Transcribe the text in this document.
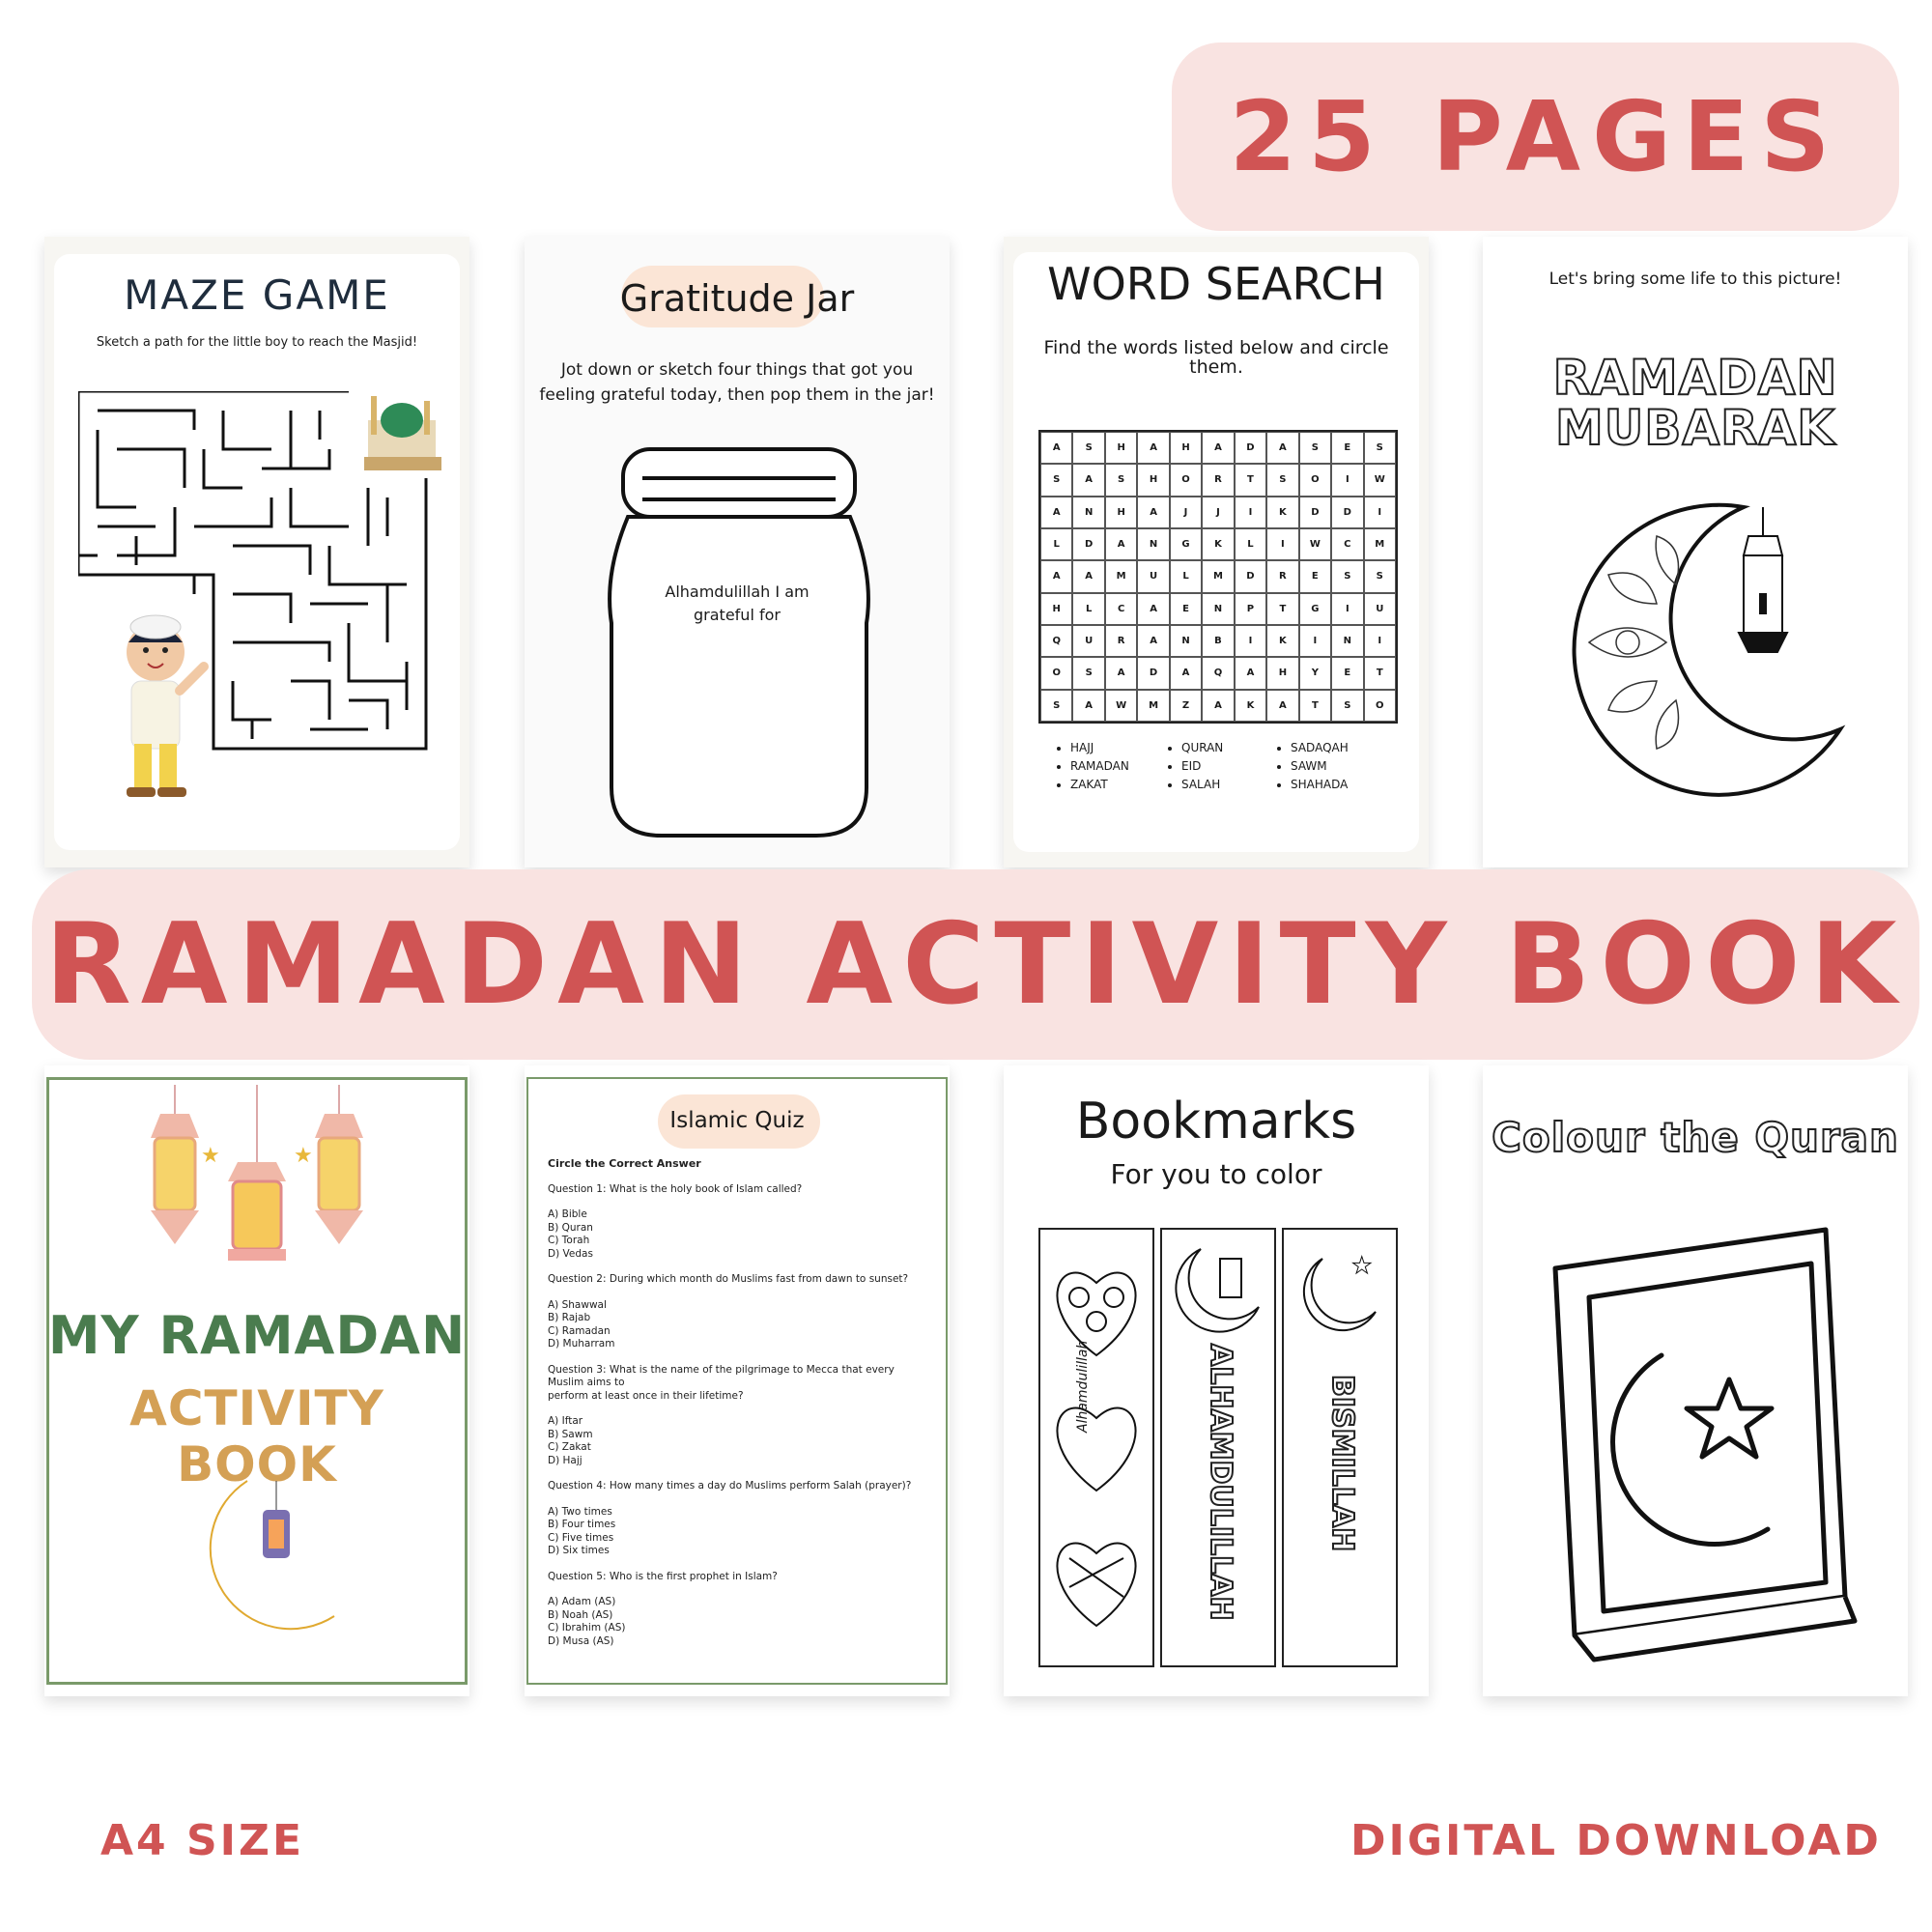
25 PAGES
MAZE GAME
Sketch a path for the little boy to reach the Masjid!
Gratitude Jar
Jot down or sketch four things that got you
feeling grateful today, then pop them in the jar!
Alhamdulillah I am
grateful for
WORD SEARCH
Find the words listed below and circle
them.
A	S	H	A	H	A	D	A	S	E	S
S	A	S	H	O	R	T	S	O	I	W
A	N	H	A	J	J	I	K	D	D	I
L	D	A	N	G	K	L	I	W	C	M
A	A	M	U	L	M	D	R	E	S	S
H	L	C	A	E	N	P	T	G	I	U
Q	U	R	A	N	B	I	K	I	N	I
O	S	A	D	A	Q	A	H	Y	E	T
S	A	W	M	Z	A	K	A	T	S	O
• HAJJ
• RAMADAN
• ZAKAT
• QURAN
• EID
• SALAH
• SADAQAH
• SAWM
• SHAHADA
Let's bring some life to this picture!
RAMADAN
MUBARAK
RAMADAN ACTIVITY BOOK
★	★
MY RAMADAN
ACTIVITY BOOK
Islamic Quiz

Circle the Correct Answer

Question 1: What is the holy book of Islam called?

A) Bible

B) Quran

C) Torah

D) Vedas

Question 2: During which month do Muslims fast from dawn to sunset?

A) Shawwal

B) Rajab

C) Ramadan

D) Muharram

Question 3: What is the name of the pilgrimage to Mecca that every Muslim aims to

perform at least once in their lifetime?

A) Iftar

B) Sawm

C) Zakat

D) Hajj

Question 4: How many times a day do Muslims perform Salah (prayer)?

A) Two times

B) Four times

C) Five times

D) Six times

Question 5: Who is the first prophet in Islam?

A) Adam (AS)

B) Noah (AS)

C) Ibrahim (AS)

D) Musa (AS)

Bookmarks
For you to color
Alhamdulillah	ALHAMDULILLAH
★
BISMILLAH
Colour the Quran
A4 SIZE	DIGITAL DOWNLOAD
